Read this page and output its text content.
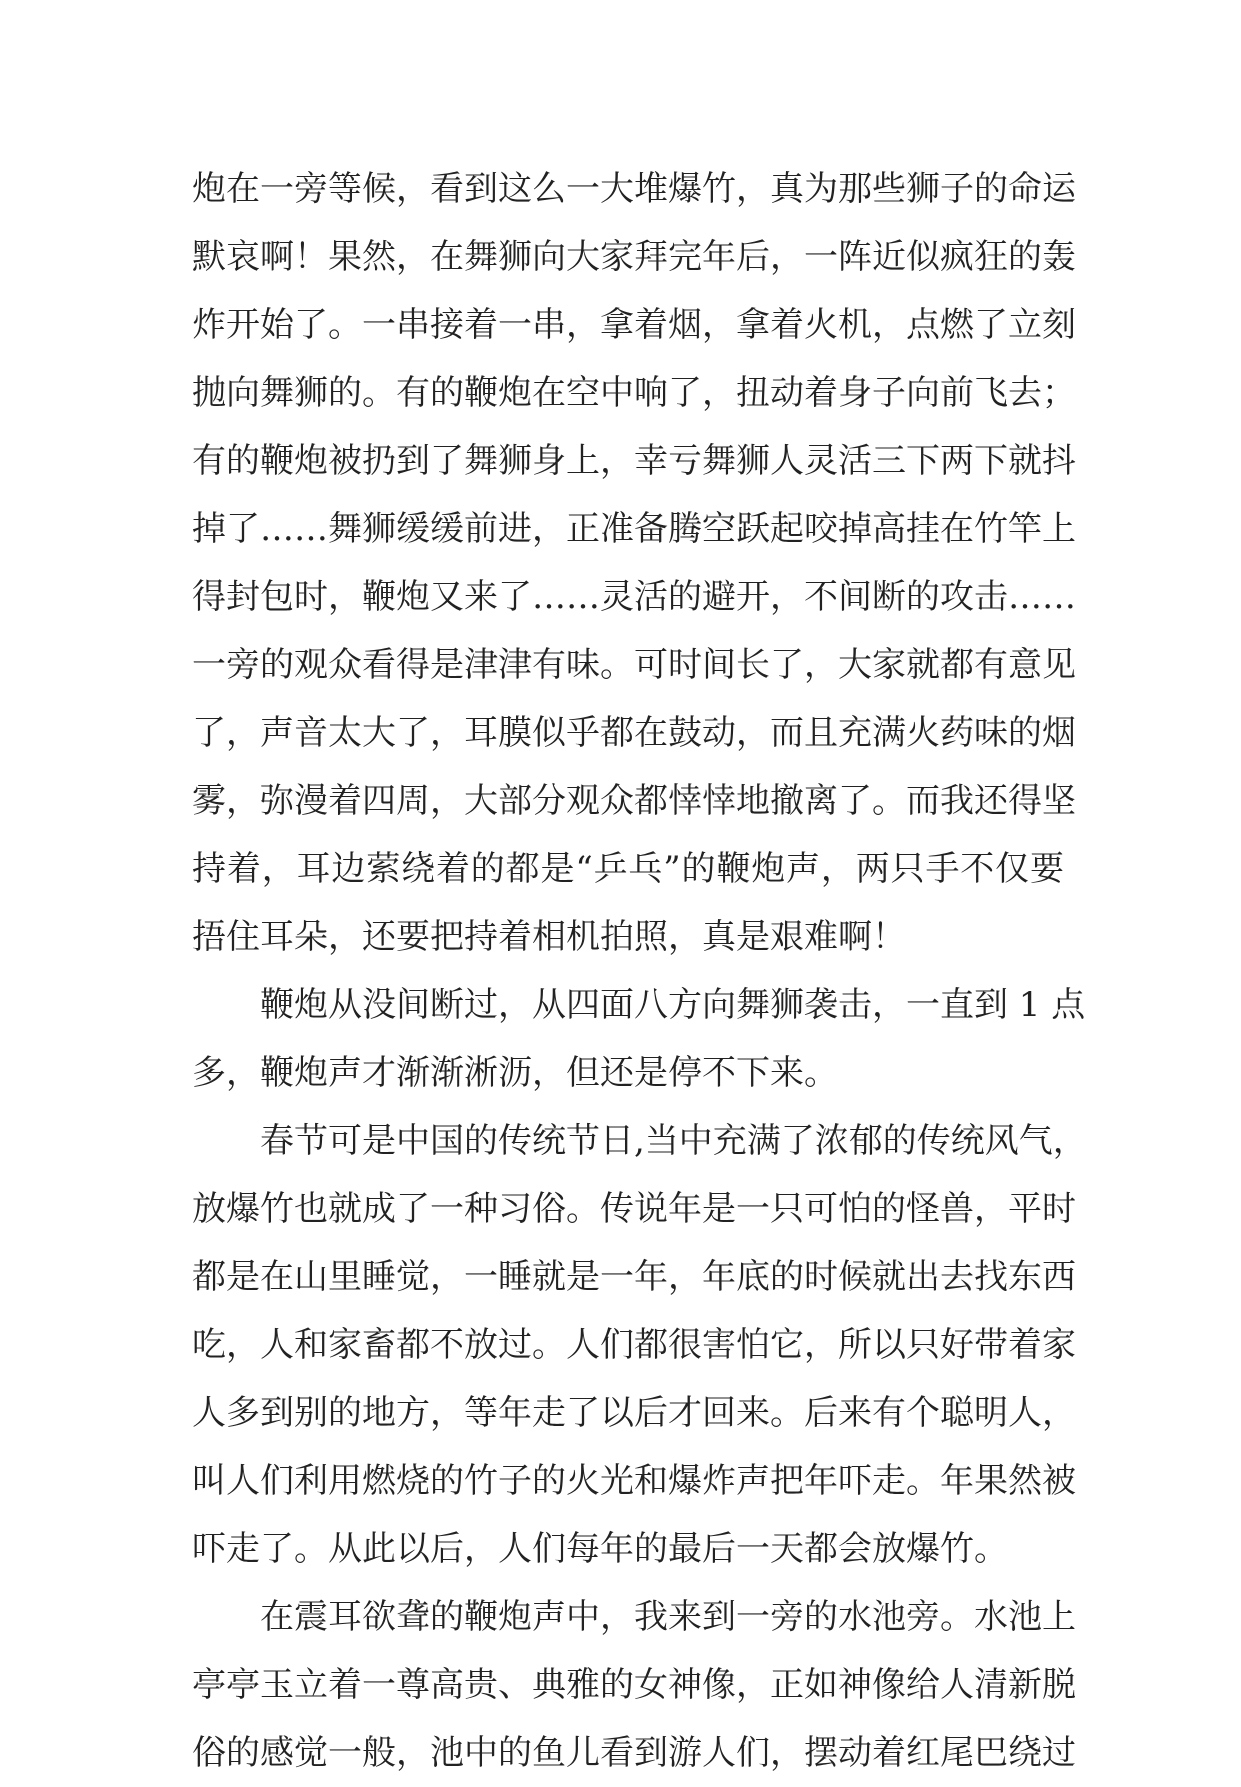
炮在一旁等候，看到这么一大堆爆竹，真为那些狮子的命运
默哀啊！果然，在舞狮向大家拜完年后，一阵近似疯狂的轰
炸开始了。一串接着一串，拿着烟，拿着火机，点燃了立刻
抛向舞狮的。有的鞭炮在空中响了，扭动着身子向前飞去；
有的鞭炮被扔到了舞狮身上，幸亏舞狮人灵活三下两下就抖
掉了……舞狮缓缓前进，正准备腾空跃起咬掉高挂在竹竿上
得封包时，鞭炮又来了……灵活的避开，不间断的攻击……
一旁的观众看得是津津有味。可时间长了，大家就都有意见
了，声音太大了，耳膜似乎都在鼓动，而且充满火药味的烟
雾，弥漫着四周，大部分观众都悻悻地撤离了。而我还得坚
持着，耳边萦绕着的都是“乒乓”的鞭炮声，两只手不仅要
捂住耳朵，还要把持着相机拍照，真是艰难啊！
鞭炮从没间断过，从四面八方向舞狮袭击，一直到 1 点
多，鞭炮声才渐渐淅沥，但还是停不下来。
春节可是中国的传统节日,当中充满了浓郁的传统风气，
放爆竹也就成了一种习俗。传说年是一只可怕的怪兽，平时
都是在山里睡觉，一睡就是一年，年底的时候就出去找东西
吃，人和家畜都不放过。人们都很害怕它，所以只好带着家
人多到别的地方，等年走了以后才回来。后来有个聪明人，
叫人们利用燃烧的竹子的火光和爆炸声把年吓走。年果然被
吓走了。从此以后，人们每年的最后一天都会放爆竹。
在震耳欲聋的鞭炮声中，我来到一旁的水池旁。水池上
亭亭玉立着一尊高贵、典雅的女神像，正如神像给人清新脱
俗的感觉一般，池中的鱼儿看到游人们，摆动着红尾巴绕过
